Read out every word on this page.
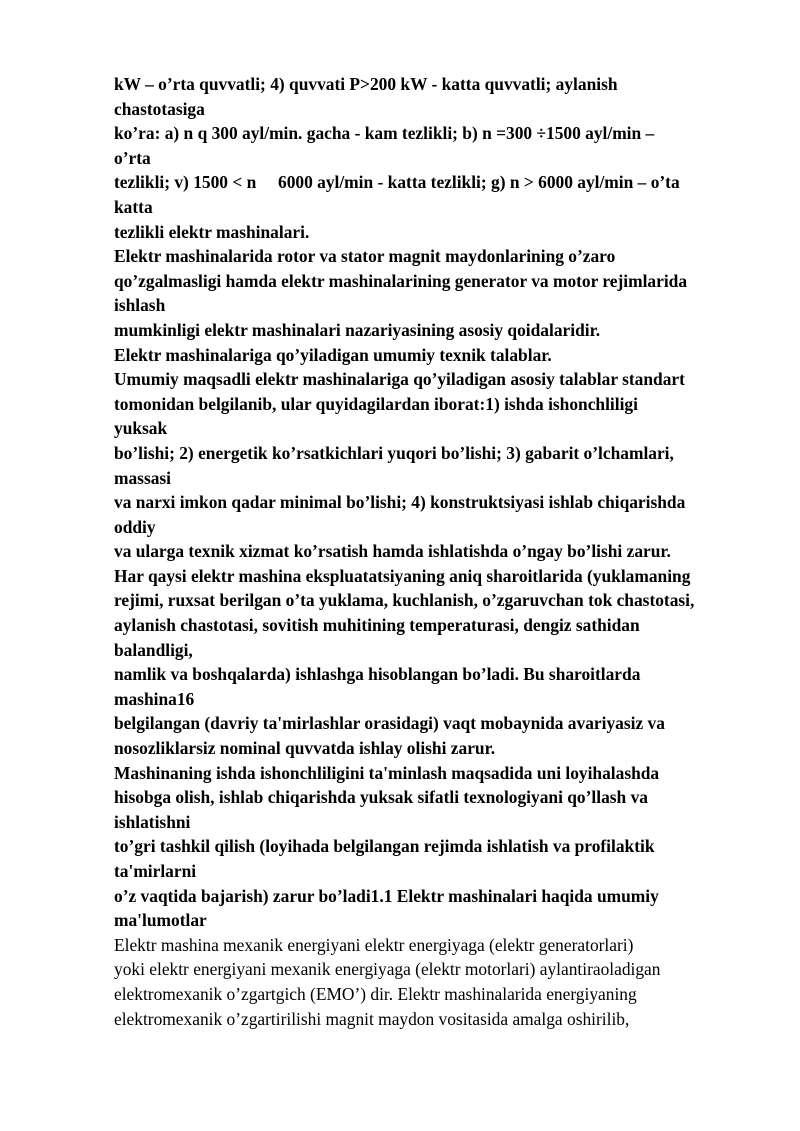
kW – o’rta quvvatli; 4) quvvati P>200 kW - katta quvvatli; aylanish
chastotasiga
ko’ra: a) n q 300 ayl/min. gacha - kam tezlikli; b) n =300 ÷1500 ayl/min –
o’rta
tezlikli; v) 1500 < n     6000 ayl/min - katta tezlikli; g) n > 6000 ayl/min – o’ta
katta
tezlikli elektr mashinalari.
Elektr mashinalarida rotor va stator magnit maydonlarining o’zaro
qo’zgalmasligi hamda elektr mashinalarining generator va motor rejimlarida
ishlash
mumkinligi elektr mashinalari nazariyasining asosiy qoidalaridir.
Elektr mashinalariga qo’yiladigan umumiy texnik talablar.
Umumiy maqsadli elektr mashinalariga qo’yiladigan asosiy talablar standart
tomonidan belgilanib, ular quyidagilardan iborat:1) ishda ishonchliligi
yuksak
bo’lishi; 2) energetik ko’rsatkichlari yuqori bo’lishi; 3) gabarit o’lchamlari,
massasi
va narxi imkon qadar minimal bo’lishi; 4) konstruktsiyasi ishlab chiqarishda
oddiy
va ularga texnik xizmat ko’rsatish hamda ishlatishda o’ngay bo’lishi zarur.
Har qaysi elektr mashina ekspluatatsiyaning aniq sharoitlarida (yuklamaning
rejimi, ruxsat berilgan o’ta yuklama, kuchlanish, o’zgaruvchan tok chastotasi,
aylanish chastotasi, sovitish muhitining temperaturasi, dengiz sathidan
balandligi,
namlik va boshqalarda) ishlashga hisoblangan bo’ladi. Bu sharoitlarda
mashina16
belgilangan (davriy ta'mirlashlar orasidagi) vaqt mobaynida avariyasiz va
nosozliklarsiz nominal quvvatda ishlay olishi zarur.
Mashinaning ishda ishonchliligini ta'minlash maqsadida uni loyihalashda
hisobga olish, ishlab chiqarishda yuksak sifatli texnologiyani qo’llash va
ishlatishni
to’gri tashkil qilish (loyihada belgilangan rejimda ishlatish va profilaktik
ta'mirlarni
o’z vaqtida bajarish) zarur bo’ladi1.1 Elektr mashinalari haqida umumiy
ma'lumotlar
Elektr mashina mexanik energiyani elektr energiyaga (elektr generatorlari)
yoki elektr energiyani mexanik energiyaga (elektr motorlari) aylantiraoladigan
elektromexanik o’zgartgich (EMO’) dir. Elektr mashinalarida energiyaning
elektromexanik o’zgartirilishi magnit maydon vositasida amalga oshirilib,
